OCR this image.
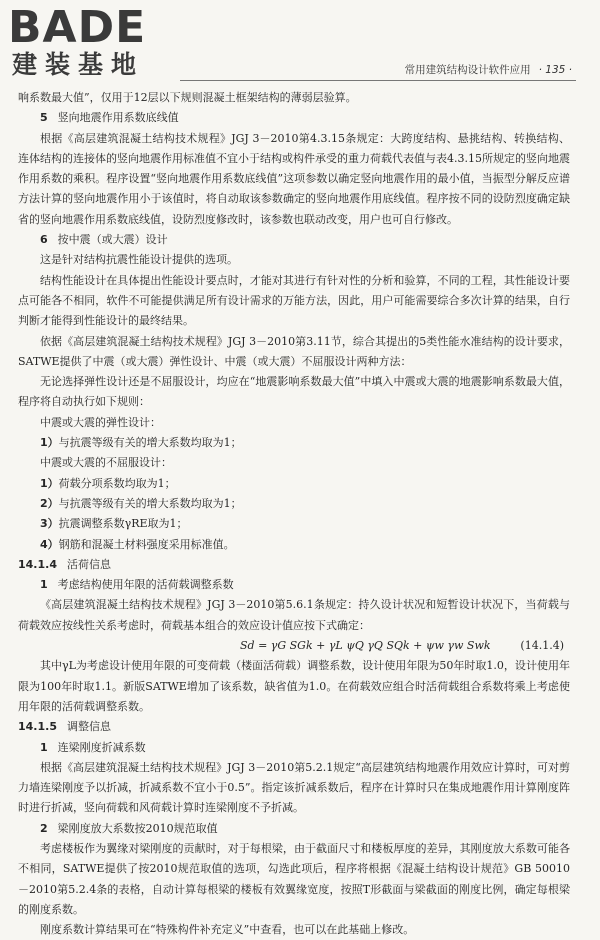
BADE
建装基地	常用建筑结构设计软件应用 · 135 ·

响系数最大值”，仅用于12层以下规则混凝土框架结构的薄弱层验算。

5 竖向地震作用系数底线值

根据《高层建筑混凝土结构技术规程》JGJ 3－2010第4.3.15条规定：大跨度结构、悬挑结构、转换结构、连体结构的连接体的竖向地震作用标准值不宜小于结构或构件承受的重力荷载代表值与表4.3.15所规定的竖向地震作用系数的乘积。程序设置“竖向地震作用系数底线值”这项参数以确定竖向地震作用的最小值，当振型分解反应谱方法计算的竖向地震作用小于该值时，将自动取该参数确定的竖向地震作用底线值。程序按不同的设防烈度确定缺省的竖向地震作用系数底线值，设防烈度修改时，该参数也联动改变，用户也可自行修改。

6 按中震（或大震）设计

这是针对结构抗震性能设计提供的选项。

结构性能设计在具体提出性能设计要点时，才能对其进行有针对性的分析和验算，不同的工程，其性能设计要点可能各不相同，软件不可能提供满足所有设计需求的万能方法，因此，用户可能需要综合多次计算的结果，自行判断才能得到性能设计的最终结果。

依据《高层建筑混凝土结构技术规程》JGJ 3－2010第3.11节，综合其提出的5类性能水准结构的设计要求，SATWE提供了中震（或大震）弹性设计、中震（或大震）不屈服设计两种方法：

无论选择弹性设计还是不屈服设计，均应在“地震影响系数最大值”中填入中震或大震的地震影响系数最大值，程序将自动执行如下规则：

中震或大震的弹性设计：

1）与抗震等级有关的增大系数均取为1；

中震或大震的不屈服设计：

1）荷载分项系数均取为1；

2）与抗震等级有关的增大系数均取为1；

3）抗震调整系数γRE取为1；

4）钢筋和混凝土材料强度采用标准值。

14.1.4 活荷信息

1 考虑结构使用年限的活荷载调整系数

《高层建筑混凝土结构技术规程》JGJ 3－2010第5.6.1条规定：持久设计状况和短暂设计状况下，当荷载与荷载效应按线性关系考虑时，荷载基本组合的效应设计值应按下式确定：

Sd = γG SGk + γL ψQ γQ SQk + ψw γw Swk	(14.1.4)

其中γL为考虑设计使用年限的可变荷载（楼面活荷载）调整系数，设计使用年限为50年时取1.0，设计使用年限为100年时取1.1。新版SATWE增加了该系数，缺省值为1.0。在荷载效应组合时活荷载组合系数将乘上考虑使用年限的活荷载调整系数。

14.1.5 调整信息

1 连梁刚度折减系数

根据《高层建筑混凝土结构技术规程》JGJ 3－2010第5.2.1规定“高层建筑结构地震作用效应计算时，可对剪力墙连梁刚度予以折减，折减系数不宜小于0.5”。指定该折减系数后，程序在计算时只在集成地震作用计算刚度阵时进行折减，竖向荷载和风荷载计算时连梁刚度不予折减。

2 梁刚度放大系数按2010规范取值

考虑楼板作为翼缘对梁刚度的贡献时，对于每根梁，由于截面尺寸和楼板厚度的差异，其刚度放大系数可能各不相同，SATWE提供了按2010规范取值的选项，勾选此项后，程序将根据《混凝土结构设计规范》GB 50010－2010第5.2.4条的表格，自动计算每根梁的楼板有效翼缘宽度，按照T形截面与梁截面的刚度比例，确定每根梁的刚度系数。

刚度系数计算结果可在“特殊构件补充定义”中查看，也可以在此基础上修改。
